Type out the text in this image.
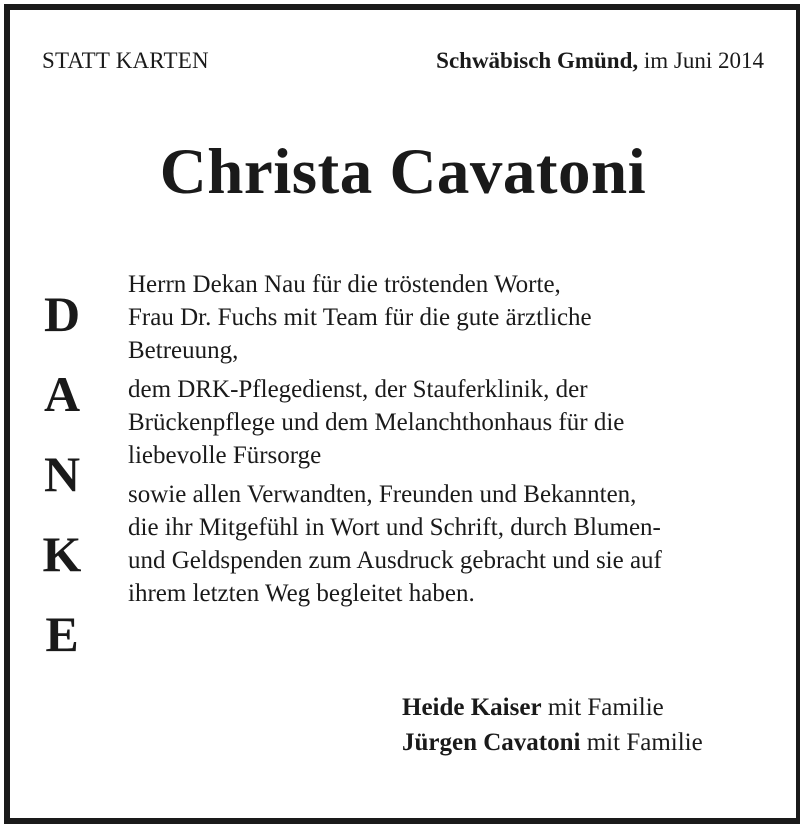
STATT KARTEN	Schwäbisch Gmünd, im Juni 2014
Christa Cavatoni
D
A
N
K
E
Herrn Dekan Nau für die tröstenden Worte,
Frau Dr. Fuchs mit Team für die gute ärztliche
Betreuung,
dem DRK-Pflegedienst, der Stauferklinik, der
Brückenpflege und dem Melanchthonhaus für die
liebevolle Fürsorge
sowie allen Verwandten, Freunden und Bekannten,
die ihr Mitgefühl in Wort und Schrift, durch Blumen-
und Geldspenden zum Ausdruck gebracht und sie auf
ihrem letzten Weg begleitet haben.
Heide Kaiser mit Familie
Jürgen Cavatoni mit Familie
